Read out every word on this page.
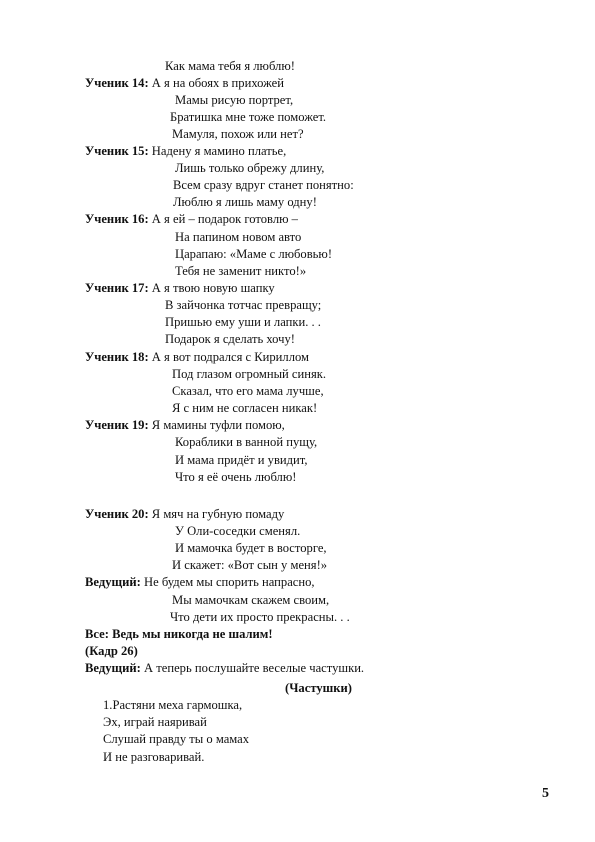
Как мама тебя я люблю!
Ученик 14: А я на обоях в прихожей
Мамы рисую портрет,
Братишка мне тоже поможет.
Мамуля, похож или нет?
Ученик 15: Надену я мамино платье,
Лишь только обрежу длину,
Всем сразу вдруг станет понятно:
Люблю я лишь маму одну!
Ученик 16: А я ей – подарок готовлю –
На папином новом авто
Царапаю: «Маме с любовью!
Тебя не заменит никто!»
Ученик 17: А я твою новую шапку
В зайчонка тотчас превращу;
Пришью ему уши и лапки. . .
Подарок я сделать хочу!
Ученик 18: А я вот подрался с Кириллом
Под глазом огромный синяк.
Сказал, что его мама лучше,
Я с ним не согласен никак!
Ученик 19: Я мамины туфли помою,
Кораблики в ванной пущу,
И мама придёт и увидит,
Что я её очень люблю!
Ученик 20: Я мяч на губную помаду
У Оли-соседки сменял.
И мамочка будет в восторге,
И скажет: «Вот сын у меня!»
Ведущий: Не будем мы спорить напрасно,
Мы мамочкам скажем своим,
Что дети их просто прекрасны. . .
Все: Ведь мы никогда не шалим!
(Кадр 26)
Ведущий: А теперь послушайте веселые частушки.
(Частушки)
1.Растяни меха гармошка,
Эх, играй наяривай
Слушай правду ты о мамах
И не разговаривай.
5
